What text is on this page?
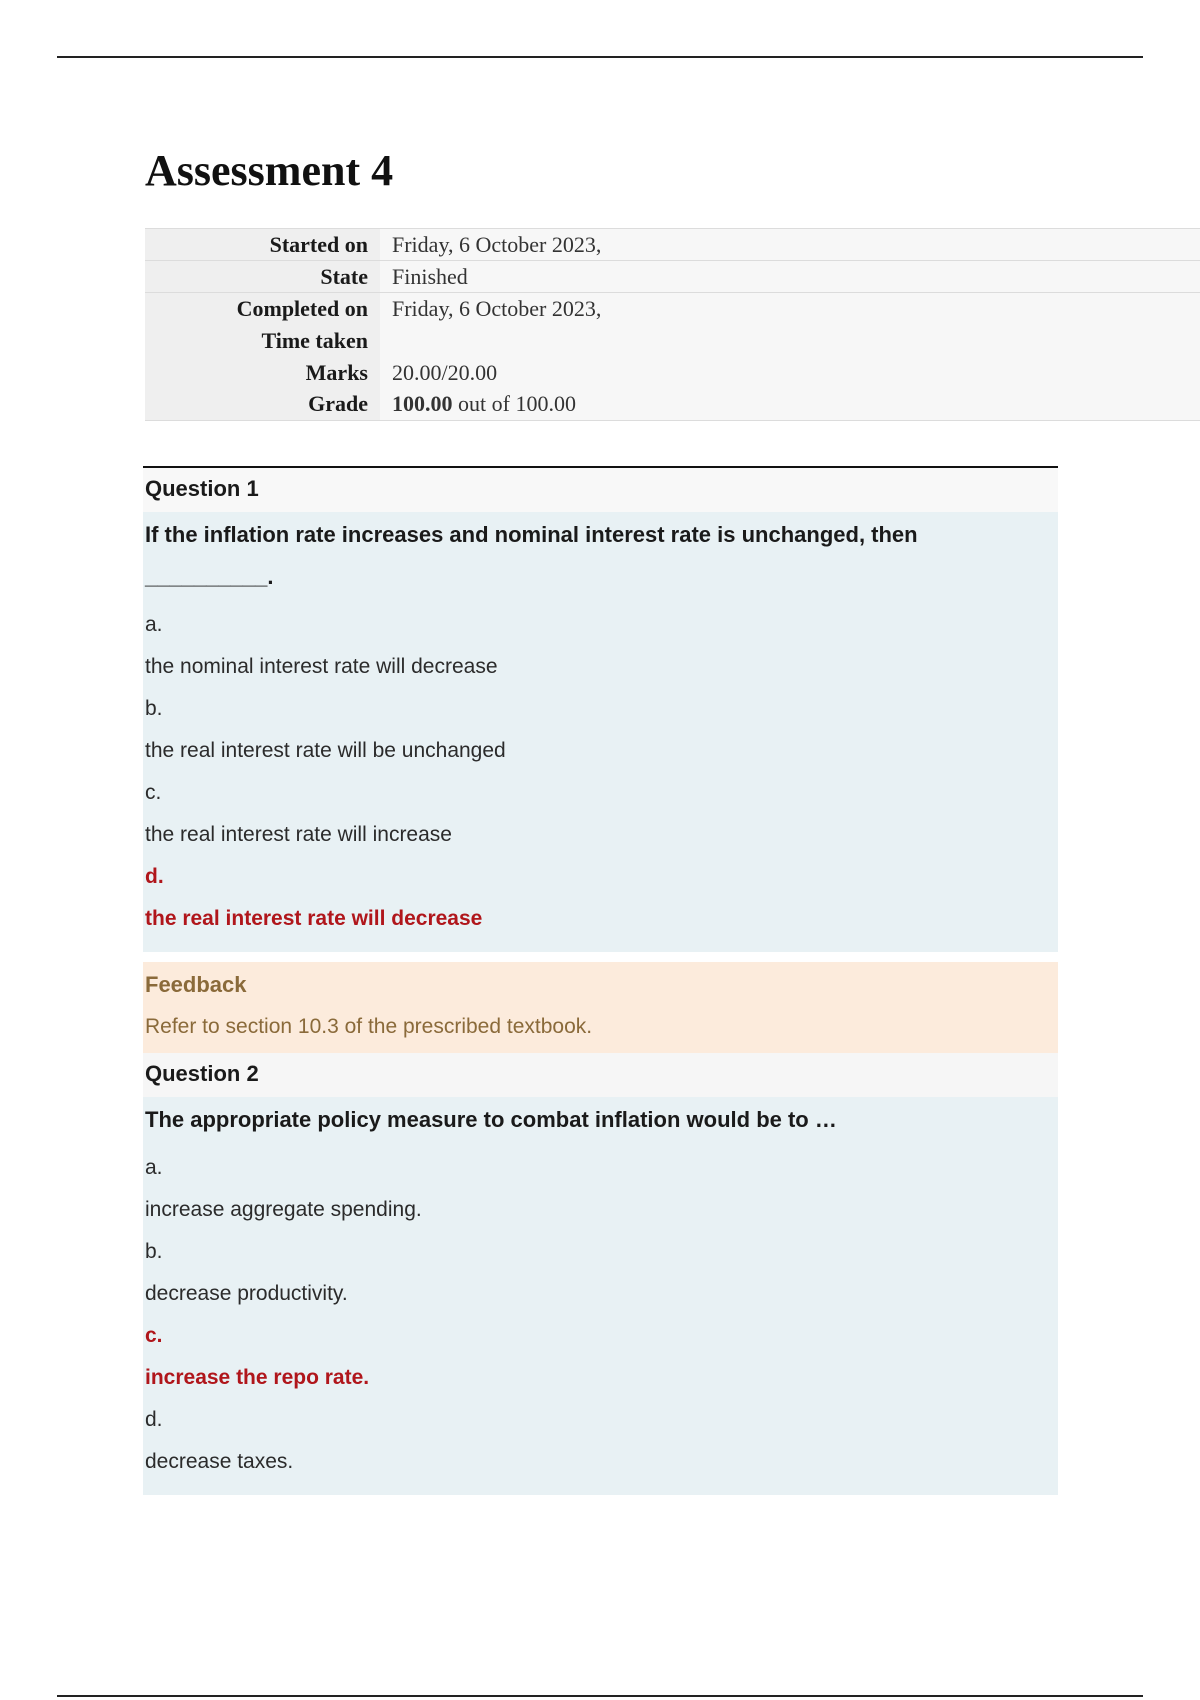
Assessment 4
Started on	Friday, 6 October 2023,
State	Finished
Completed on	Friday, 6 October 2023,
Time taken	
Marks	20.00/20.00
Grade	100.00 out of 100.00
Question 1
If the inflation rate increases and nominal interest rate is unchanged, then
__________.
a.
the nominal interest rate will decrease
b.
the real interest rate will be unchanged
c.
the real interest rate will increase
d.
the real interest rate will decrease
Feedback
Refer to section 10.3 of the prescribed textbook.
Question 2
The appropriate policy measure to combat inflation would be to …
a.
increase aggregate spending.
b.
decrease productivity.
c.
increase the repo rate.
d.
decrease taxes.
